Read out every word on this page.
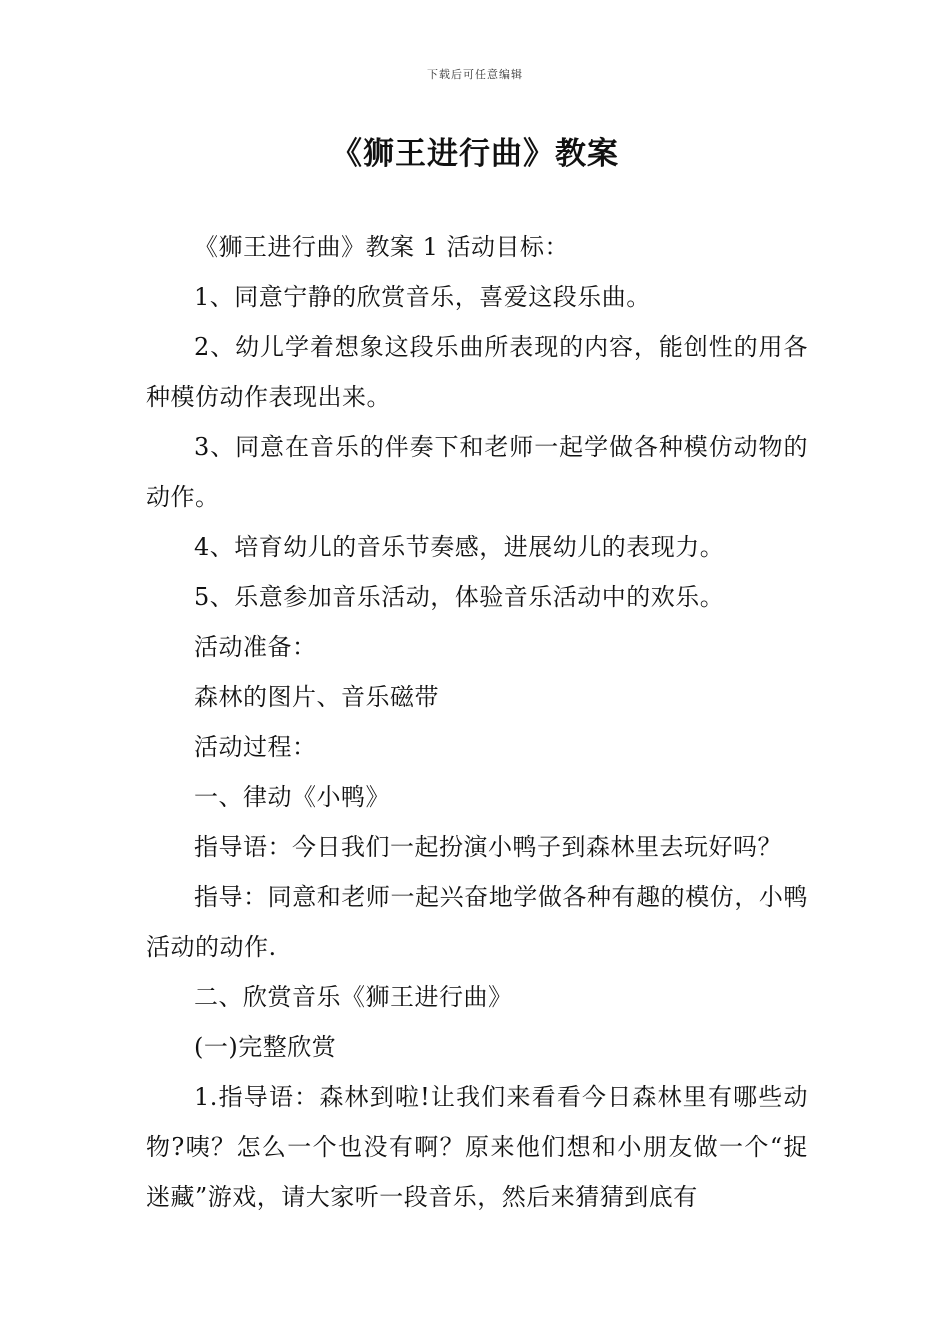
下载后可任意编辑
《狮王进行曲》教案

《狮王进行曲》教案 1 活动目标：

1、同意宁静的欣赏音乐，喜爱这段乐曲。

2、幼儿学着想象这段乐曲所表现的内容，能创性的用各种模仿动作表现出来。

3、同意在音乐的伴奏下和老师一起学做各种模仿动物的动作。

4、培育幼儿的音乐节奏感，进展幼儿的表现力。

5、乐意参加音乐活动，体验音乐活动中的欢乐。

活动准备：

森林的图片、音乐磁带

活动过程：

一、律动《小鸭》

指导语：今日我们一起扮演小鸭子到森林里去玩好吗？

指导：同意和老师一起兴奋地学做各种有趣的模仿，小鸭活动的动作.

二、欣赏音乐《狮王进行曲》

(一)完整欣赏

1.指导语：森林到啦!让我们来看看今日森林里有哪些动物?咦？怎么一个也没有啊？原来他们想和小朋友做一个“捉迷藏”游戏，请大家听一段音乐，然后来猜猜到底有
